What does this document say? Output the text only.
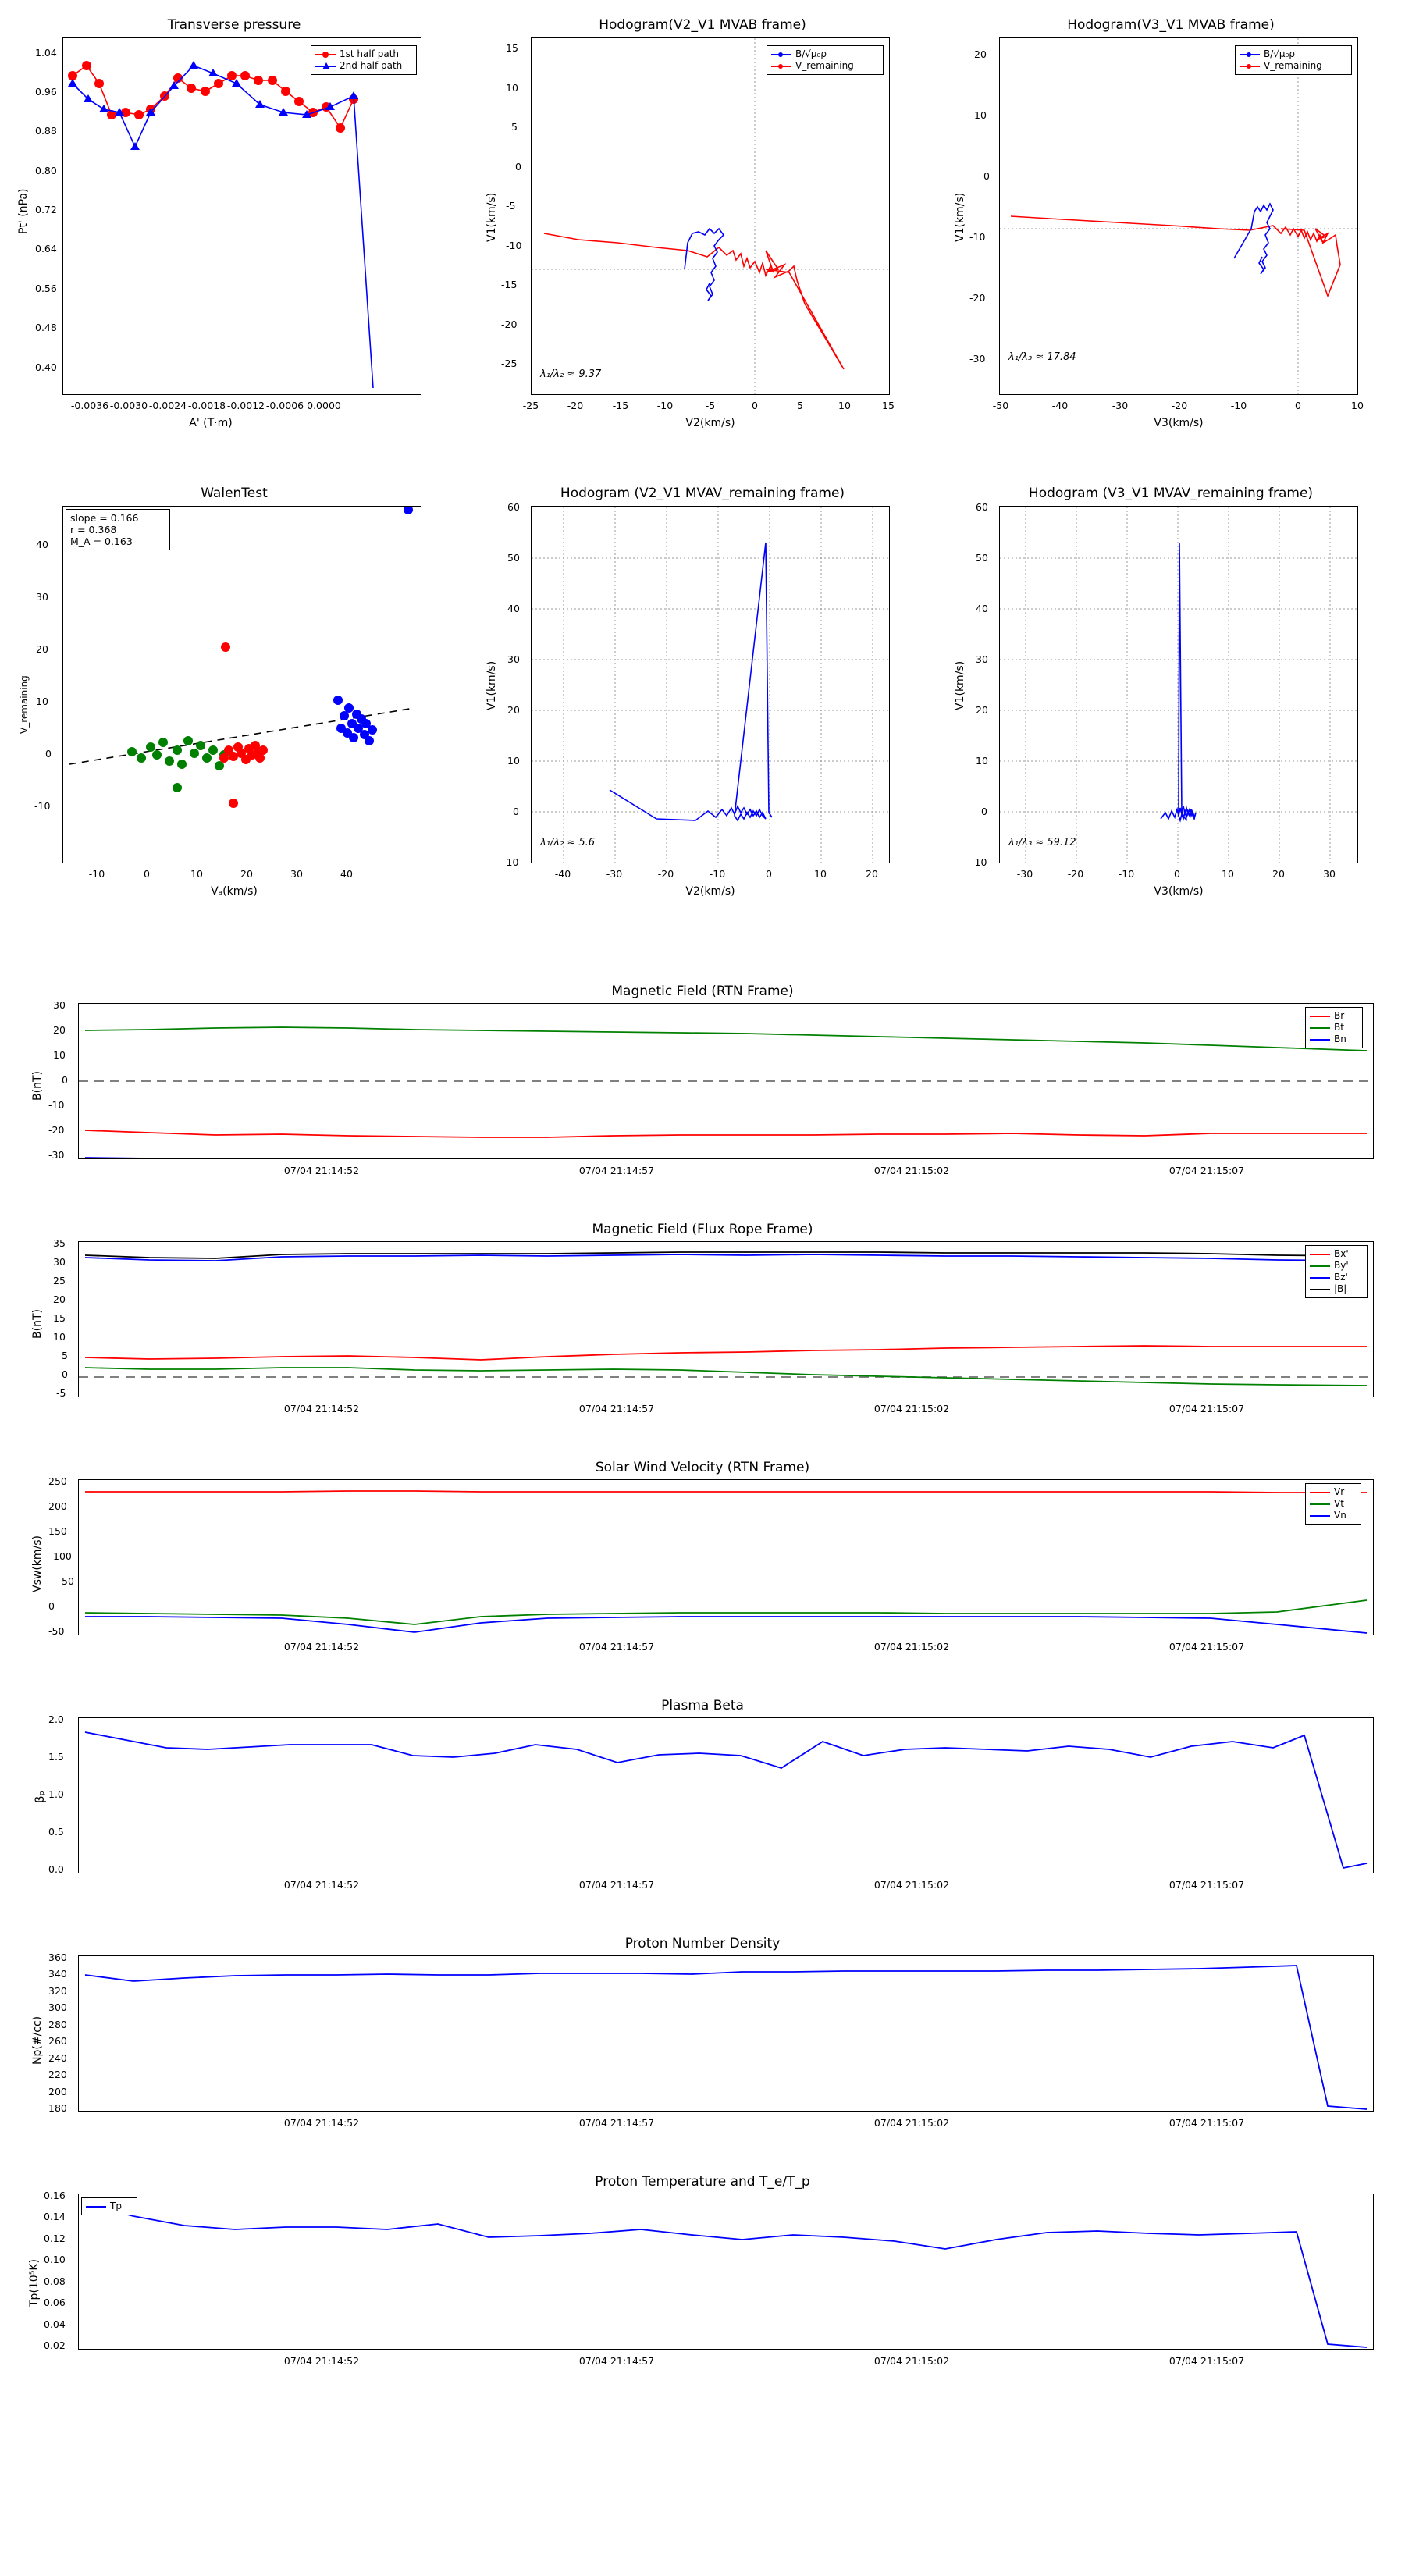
Transverse pressure
1st half path
2nd half path
1.04
0.96
0.88
0.80
0.72
0.64
0.56
0.48
0.40
Pt' (nPa)
-0.0036 -0.0030 -0.0024 -0.0018 -0.0012 -0.0006 0.0000
A' (T·m)
Hodogram(V2_V1 MVAB frame)
B/√μ₀ρ
V_remaining
λ₁/λ₂ ≈ 9.37
15
10
5
0
-5
-10
-15
-20
-25
V1(km/s)
-25	-20	-15	-10	-5	0	5	10	15
V2(km/s)
Hodogram(V3_V1 MVAB frame)
B/√μ₀ρ
V_remaining
λ₁/λ₃ ≈ 17.84
20
10
0
-10
-20
-30
V1(km/s)
-50	-40	-30	-20	-10	0	10
V3(km/s)
WalenTest
slope = 0.166
r = 0.368
M_A = 0.163
40
30
20
10
0
-10
V_remaining
-10	0	10	20	30	40
Vₐ(km/s)
Hodogram (V2_V1 MVAV_remaining frame)
λ₁/λ₂ ≈ 5.6
60
50
40
30
20
10
0
-10
V1(km/s)
-40	-30	-20	-10	0	10	20
V2(km/s)
Hodogram (V3_V1 MVAV_remaining frame)
λ₁/λ₃ ≈ 59.12
60
50
40
30
20
10
0
-10
V1(km/s)
-30	-20	-10	0	10	20	30
V3(km/s)
Magnetic Field (RTN Frame)
Br
Bt
Bn
30
20
10
0
-10
-20
-30
B(nT)
07/04 21:14:52	07/04 21:14:57	07/04 21:15:02	07/04 21:15:07
Magnetic Field (Flux Rope Frame)
Bx'
By'
Bz'
|B|
35
30
25
20
15
10
5
0
-5
B(nT)
07/04 21:14:52	07/04 21:14:57	07/04 21:15:02	07/04 21:15:07
Solar Wind Velocity (RTN Frame)
Vr
Vt
Vn
250
200
150
100
50
0
-50
Vsw(km/s)
07/04 21:14:52	07/04 21:14:57	07/04 21:15:02	07/04 21:15:07
Plasma Beta
2.0
1.5
1.0
0.5
0.0
βₚ
07/04 21:14:52	07/04 21:14:57	07/04 21:15:02	07/04 21:15:07
Proton Number Density
360
340
320
300
280
260
240
220
200
180
Np(#/cc)
07/04 21:14:52	07/04 21:14:57	07/04 21:15:02	07/04 21:15:07
Proton Temperature and T_e/T_p
Tp
0.16
0.14
0.12
0.10
0.08
0.06
0.04
0.02
Tp(10⁵K)
07/04 21:14:52	07/04 21:14:57	07/04 21:15:02	07/04 21:15:07
